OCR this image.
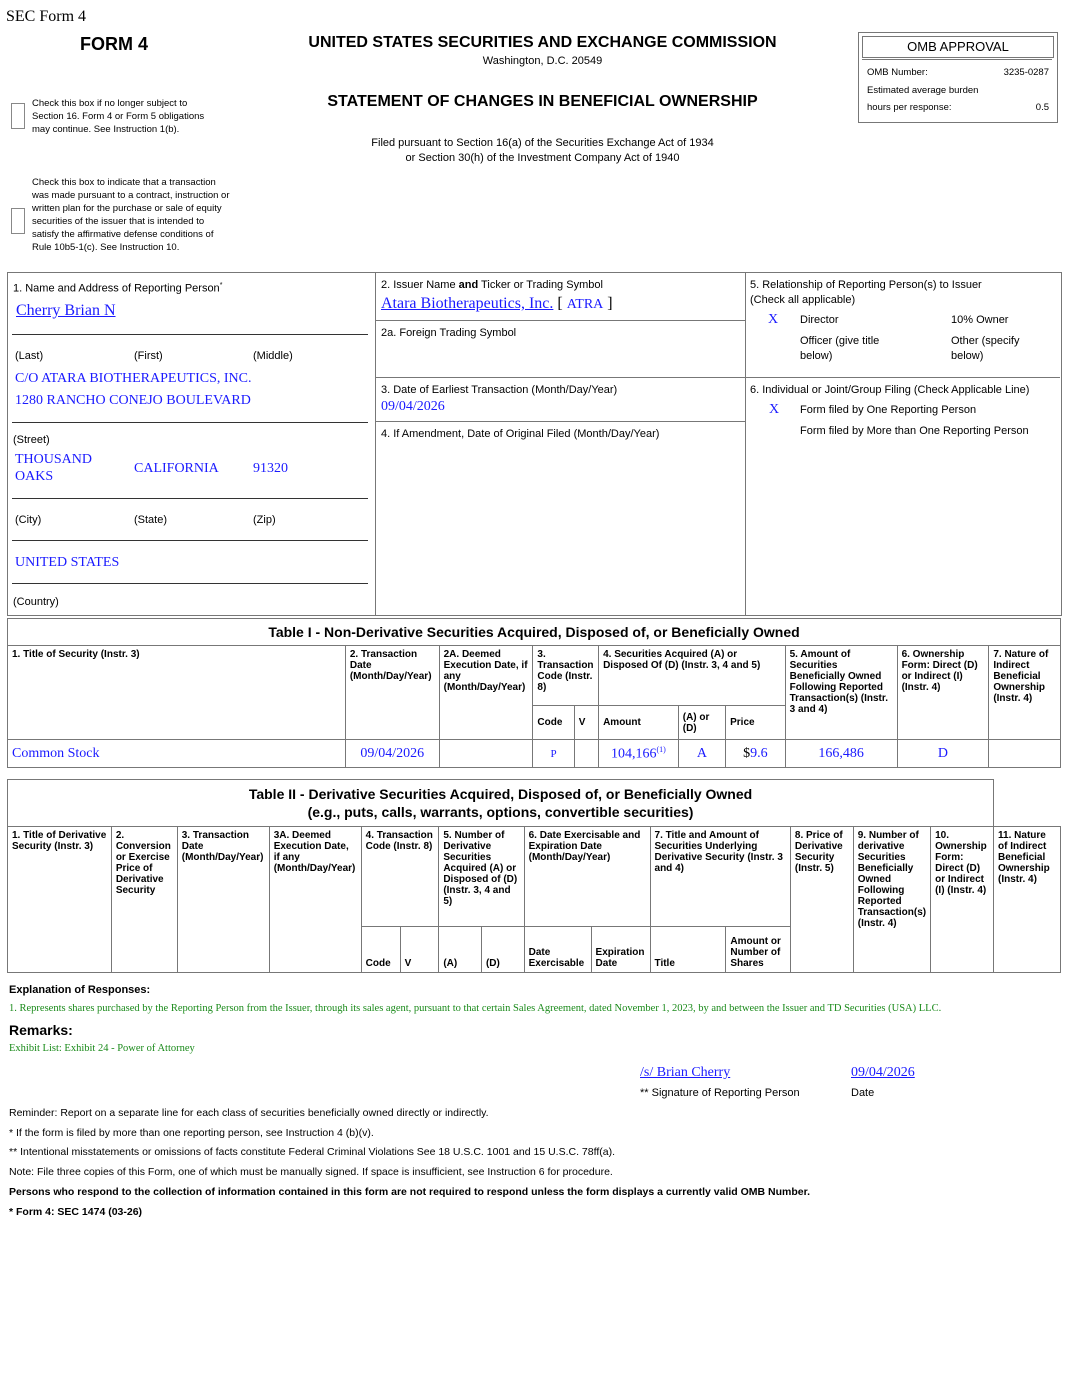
SEC Form 4
FORM 4	UNITED STATES SECURITIES AND EXCHANGE COMMISSION
Washington, D.C. 20549
STATEMENT OF CHANGES IN BENEFICIAL OWNERSHIP
Filed pursuant to Section 16(a) of the Securities Exchange Act of 1934
or Section 30(h) of the Investment Company Act of 1940
Check this box if no longer subject to Section 16. Form 4 or Form 5 obligations may continue. See Instruction 1(b).
Check this box to indicate that a transaction was made pursuant to a contract, instruction or written plan for the purchase or sale of equity securities of the issuer that is intended to satisfy the affirmative defense conditions of Rule 10b5-1(c). See Instruction 10.
OMB APPROVAL
OMB Number:	3235-0287
Estimated average burden
hours per response:	0.5
1. Name and Address of Reporting Person*
Cherry Brian N
(Last)	(First)	(Middle)
C/O ATARA BIOTHERAPEUTICS, INC.
1280 RANCHO CONEJO BOULEVARD
(Street)
THOUSAND
OAKS
CALIFORNIA 91320
(City)	(State)	(Zip)
UNITED STATES
(Country)
2. Issuer Name and Ticker or Trading Symbol
Atara Biotherapeutics, Inc. [ ATRA ]
2a. Foreign Trading Symbol
3. Date of Earliest Transaction (Month/Day/Year)
09/04/2026
4. If Amendment, Date of Original Filed (Month/Day/Year)
5. Relationship of Reporting Person(s) to Issuer
(Check all applicable)
X Director	10% Owner
Officer (give title
below)
Other (specify
below)
6. Individual or Joint/Group Filing (Check Applicable Line)
X Form filed by One Reporting Person
Form filed by More than One Reporting Person
Table I - Non-Derivative Securities Acquired, Disposed of, or Beneficially Owned										
1. Title of Security (Instr. 3)	2. Transaction Date (Month/Day/Year)	2A. Deemed Execution Date, if any (Month/Day/Year)	3. Transaction Code (Instr. 8)		4. Securities Acquired (A) or Disposed Of (D) (Instr. 3, 4 and 5)			5. Amount of Securities Beneficially Owned Following Reported Transaction(s) (Instr. 3 and 4)	6. Ownership Form: Direct (D) or Indirect (I) (Instr. 4)	7. Nature of Indirect Beneficial Ownership (Instr. 4)
			Code	V	Amount	(A) or (D)	Price			
Common Stock	09/04/2026		P		104,166$^{(1)}$	A	$9.6	166,486	D	
Table II - Derivative Securities Acquired, Disposed of, or Beneficially Owned
(e.g., puts, calls, warrants, options, convertible securities)															

1. Title of Derivative Security (Instr. 3)	2. Conversion or Exercise Price of Derivative Security	3. Transaction Date (Month/Day/Year)	3A. Deemed Execution Date, if any (Month/Day/Year)	4. Transaction Code (Instr. 8)		5. Number of Derivative Securities Acquired (A) or Disposed of (D) (Instr. 3, 4 and 5)		6. Date Exercisable and Expiration Date (Month/Day/Year)		7. Title and Amount of Securities Underlying Derivative Security (Instr. 3 and 4)		8. Price of Derivative Security (Instr. 5)	9. Number of derivative Securities Beneficially Owned Following Reported Transaction(s) (Instr. 4)	10. Ownership Form: Direct (D) or Indirect (I) (Instr. 4)	11. Nature of Indirect Beneficial Ownership (Instr. 4)
				Code	V	(A)	(D)	Date Exercisable	Expiration Date	Title	Amount or Number of Shares				
Explanation of Responses:
1. Represents shares purchased by the Reporting Person from the Issuer, through its sales agent, pursuant to that certain Sales Agreement, dated November 1, 2023, by and between the Issuer and TD Securities (USA) LLC.
Remarks:
Exhibit List: Exhibit 24 - Power of Attorney
/s/ Brian Cherry	09/04/2026
** Signature of Reporting Person	Date
Reminder: Report on a separate line for each class of securities beneficially owned directly or indirectly.
* If the form is filed by more than one reporting person, see Instruction 4 (b)(v).
** Intentional misstatements or omissions of facts constitute Federal Criminal Violations See 18 U.S.C. 1001 and 15 U.S.C. 78ff(a).
Note: File three copies of this Form, one of which must be manually signed. If space is insufficient, see Instruction 6 for procedure.
Persons who respond to the collection of information contained in this form are not required to respond unless the form displays a currently valid OMB Number.
* Form 4: SEC 1474 (03-26)
